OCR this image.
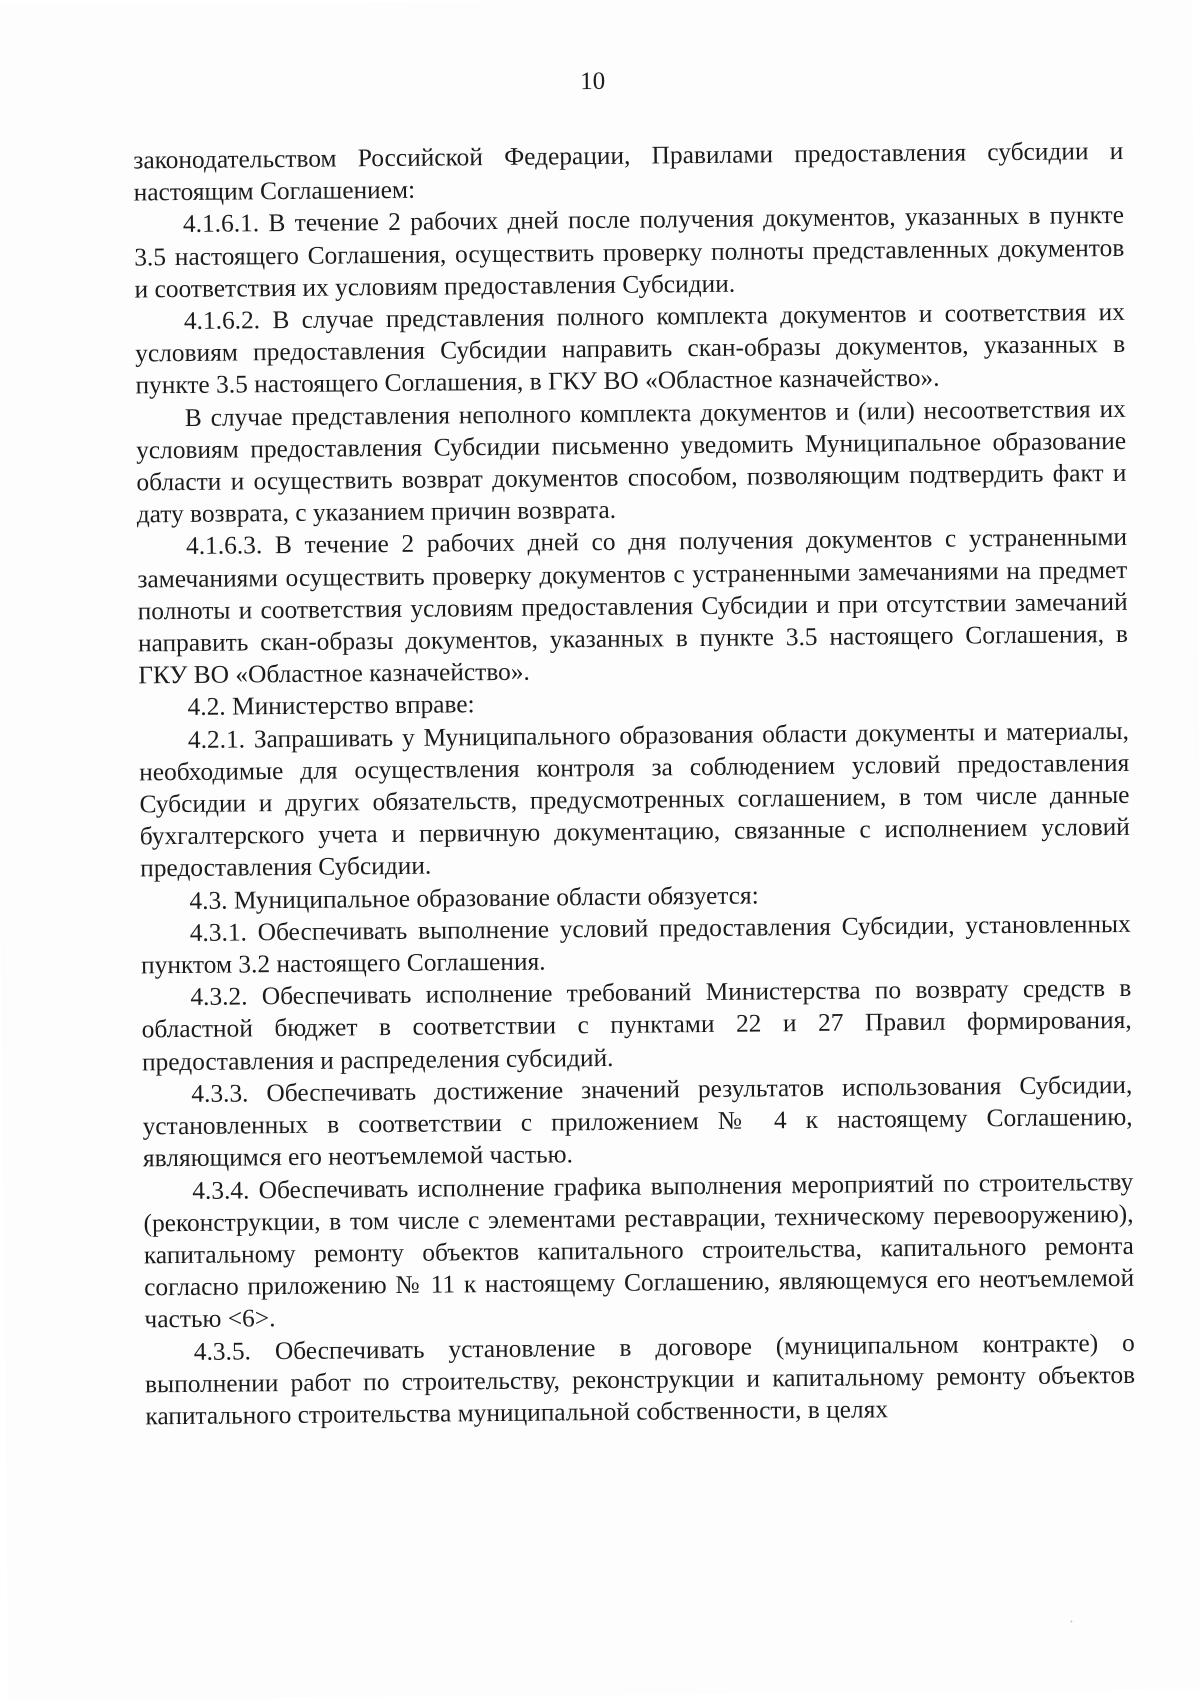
10

законодательством Российской Федерации, Правилами предоставления субсидии и настоящим Соглашением:

4.1.6.1. В течение 2 рабочих дней после получения документов, указанных в пункте 3.5 настоящего Соглашения, осуществить проверку полноты представленных документов и соответствия их условиям предоставления Субсидии.

4.1.6.2. В случае представления полного комплекта документов и соответствия их условиям предоставления Субсидии направить скан-образы документов, указанных в пункте 3.5 настоящего Соглашения, в ГКУ ВО «Областное казначейство».

В случае представления неполного комплекта документов и (или) несоответствия их условиям предоставления Субсидии письменно уведомить Муниципальное образование области и осуществить возврат документов способом, позволяющим подтвердить факт и дату возврата, с указанием причин возврата.

4.1.6.3. В течение 2 рабочих дней со дня получения документов с устраненными замечаниями осуществить проверку документов с устраненными замечаниями на предмет полноты и соответствия условиям предоставления Субсидии и при отсутствии замечаний направить скан-образы документов, указанных в пункте 3.5 настоящего Соглашения, в ГКУ ВО «Областное казначейство».

4.2. Министерство вправе:

4.2.1. Запрашивать у Муниципального образования области документы и материалы, необходимые для осуществления контроля за соблюдением условий предоставления Субсидии и других обязательств, предусмотренных соглашением, в том числе данные бухгалтерского учета и первичную документацию, связанные с исполнением условий предоставления Субсидии.

4.3. Муниципальное образование области обязуется:

4.3.1. Обеспечивать выполнение условий предоставления Субсидии, установленных пунктом 3.2 настоящего Соглашения.

4.3.2. Обеспечивать исполнение требований Министерства по возврату средств в областной бюджет в соответствии с пунктами 22 и 27 Правил формирования, предоставления и распределения субсидий.

4.3.3. Обеспечивать достижение значений результатов использования Субсидии, установленных в соответствии с приложением № 4 к настоящему Соглашению, являющимся его неотъемлемой частью.

4.3.4. Обеспечивать исполнение графика выполнения мероприятий по строительству (реконструкции, в том числе с элементами реставрации, техническому перевооружению), капитальному ремонту объектов капитального строительства, капитального ремонта согласно приложению № 11 к настоящему Соглашению, являющемуся его неотъемлемой частью <6>.

4.3.5. Обеспечивать установление в договоре (муниципальном контракте) о выполнении работ по строительству, реконструкции и капитальному ремонту объектов капитального строительства муниципальной собственности, в целях
